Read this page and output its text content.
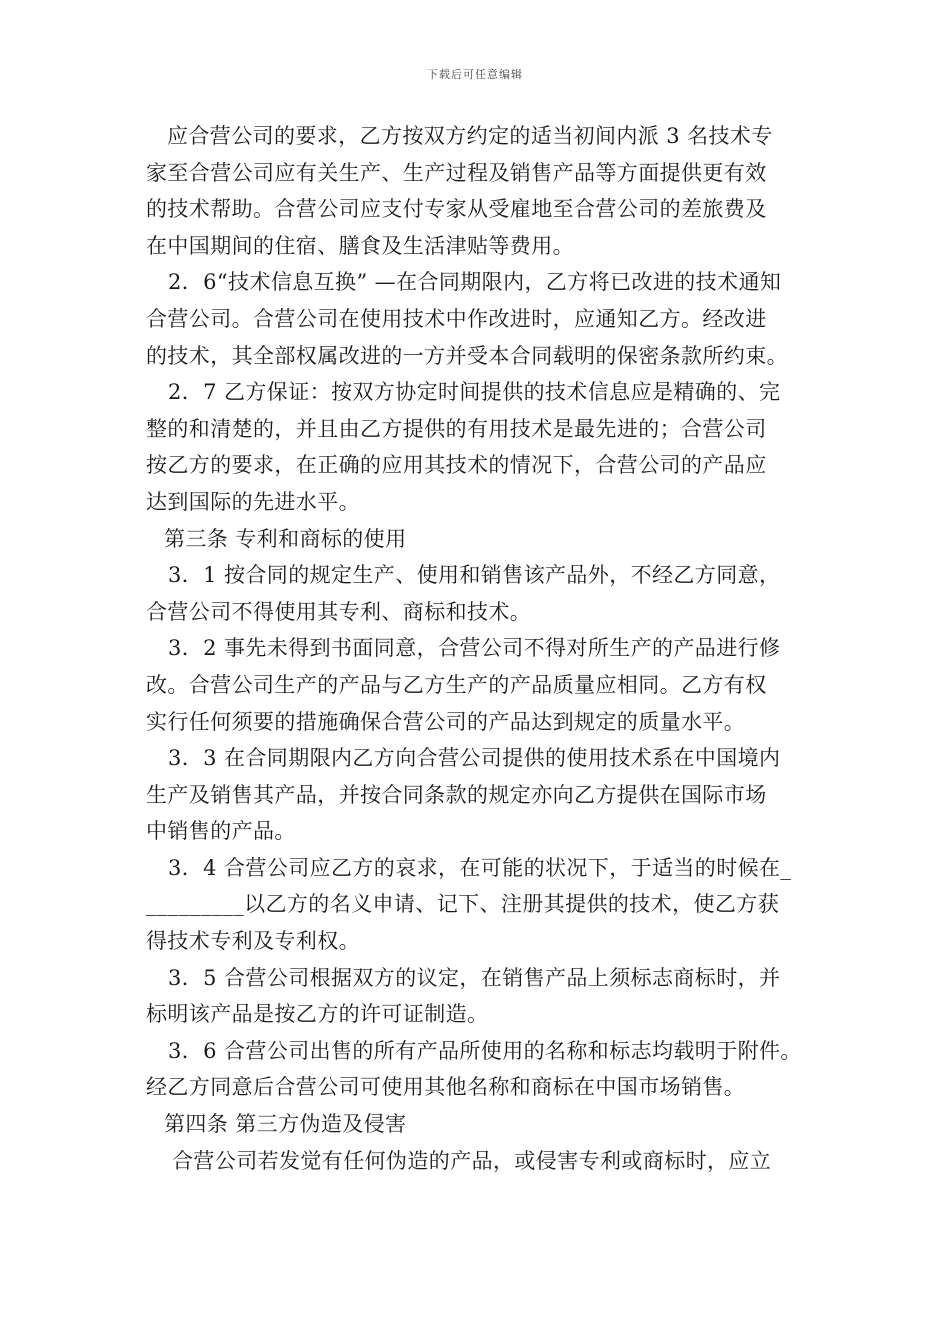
下载后可任意编辑
应合营公司的要求，乙方按双方约定的适当初间内派 3 名技术专
家至合营公司应有关生产、生产过程及销售产品等方面提供更有效
的技术帮助。合营公司应支付专家从受雇地至合营公司的差旅费及
在中国期间的住宿、膳食及生活津贴等费用。
2．6“技术信息互换” —在合同期限内，乙方将已改进的技术通知
合营公司。合营公司在使用技术中作改进时，应通知乙方。经改进
的技术，其全部权属改进的一方并受本合同载明的保密条款所约束。
2．7 乙方保证：按双方协定时间提供的技术信息应是精确的、完
整的和清楚的，并且由乙方提供的有用技术是最先进的；合营公司
按乙方的要求，在正确的应用其技术的情况下，合营公司的产品应
达到国际的先进水平。
第三条 专利和商标的使用
3．1 按合同的规定生产、使用和销售该产品外，不经乙方同意，
合营公司不得使用其专利、商标和技术。
3．2 事先未得到书面同意，合营公司不得对所生产的产品进行修
改。合营公司生产的产品与乙方生产的产品质量应相同。乙方有权
实行任何须要的措施确保合营公司的产品达到规定的质量水平。
3．3 在合同期限内乙方向合营公司提供的使用技术系在中国境内
生产及销售其产品，并按合同条款的规定亦向乙方提供在国际市场
中销售的产品。
3．4 合营公司应乙方的哀求，在可能的状况下，于适当的时候在_
_________以乙方的名义申请、记下、注册其提供的技术，使乙方获
得技术专利及专利权。
3．5 合营公司根据双方的议定，在销售产品上须标志商标时，并
标明该产品是按乙方的许可证制造。
3．6 合营公司出售的所有产品所使用的名称和标志均载明于附件。
经乙方同意后合营公司可使用其他名称和商标在中国市场销售。
第四条 第三方伪造及侵害
合营公司若发觉有任何伪造的产品，或侵害专利或商标时，应立
